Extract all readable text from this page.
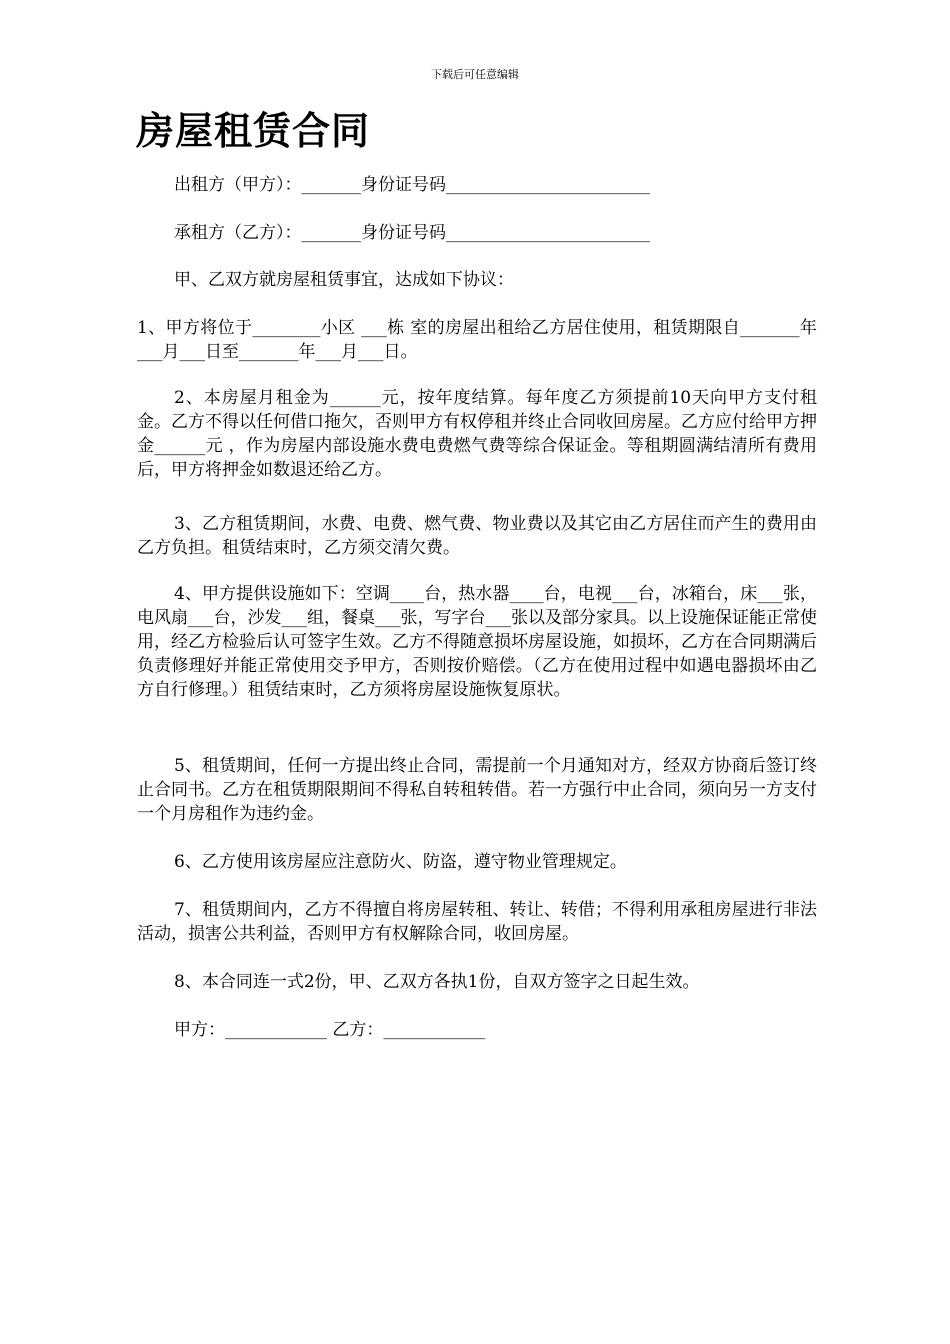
下载后可任意编辑
房屋租赁合同

出租方（甲方）：_______身份证号码________________________

承租方（乙方）：_______身份证号码________________________

甲、乙双方就房屋租赁事宜，达成如下协议：

1、甲方将位于________小区 ___栋 室的房屋出租给乙方居住使用，租赁期限自_______年___月___日至_______年___月___日。

2、本房屋月租金为______元，按年度结算。每年度乙方须提前10天向甲方支付租金。乙方不得以任何借口拖欠，否则甲方有权停租并终止合同收回房屋。乙方应付给甲方押金______元 ，作为房屋内部设施水费电费燃气费等综合保证金。等租期圆满结清所有费用后，甲方将押金如数退还给乙方。

3、乙方租赁期间，水费、电费、燃气费、物业费以及其它由乙方居住而产生的费用由乙方负担。租赁结束时，乙方须交清欠费。

4、甲方提供设施如下：空调____台，热水器____台，电视___台，冰箱台，床___张，电风扇___台，沙发___组，餐桌___张，写字台___张以及部分家具。以上设施保证能正常使用，经乙方检验后认可签字生效。乙方不得随意损坏房屋设施，如损坏，乙方在合同期满后负责修理好并能正常使用交予甲方，否则按价赔偿。（乙方在使用过程中如遇电器损坏由乙方自行修理。）租赁结束时，乙方须将房屋设施恢复原状。

5、租赁期间，任何一方提出终止合同，需提前一个月通知对方，经双方协商后签订终止合同书。乙方在租赁期限期间不得私自转租转借。若一方强行中止合同，须向另一方支付一个月房租作为违约金。

6、乙方使用该房屋应注意防火、防盗，遵守物业管理规定。

7、租赁期间内，乙方不得擅自将房屋转租、转让、转借；不得利用承租房屋进行非法活动，损害公共利益，否则甲方有权解除合同，收回房屋。

8、本合同连一式2份，甲、乙双方各执1份，自双方签字之日起生效。

甲方：____________ 乙方：____________
